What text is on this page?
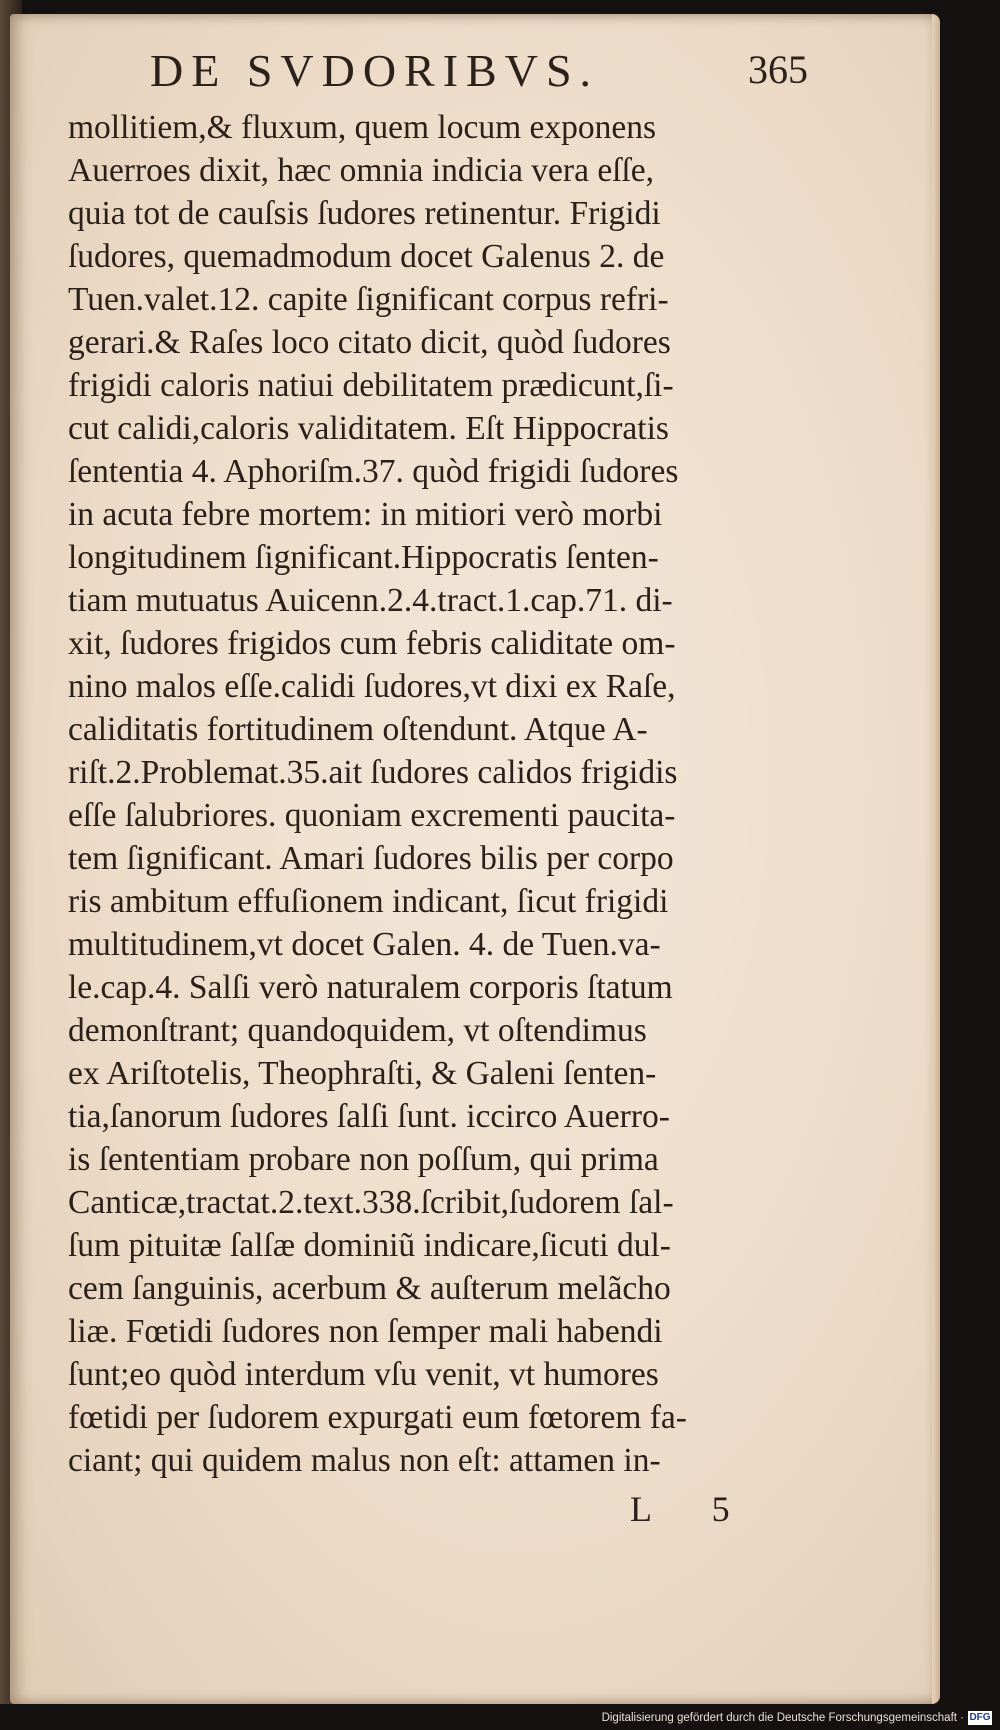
DE SVDORIBVS.	365
mollitiem,& fluxum, quem locum exponens
Auerroes dixit, hæc omnia indicia vera eſſe,
quia tot de cauſsis ſudores retinentur. Frigidi
ſudores, quemadmodum docet Galenus 2. de
Tuen.valet.12. capite ſignificant corpus refri-
gerari.& Raſes loco citato dicit, quòd ſudores
frigidi caloris natiui debilitatem prædicunt,ſi-
cut calidi,caloris validitatem. Eſt Hippocratis
ſententia 4. Aphoriſm.37. quòd frigidi ſudores
in acuta febre mortem: in mitiori verò morbi
longitudinem ſignificant.Hippocratis ſenten-
tiam mutuatus Auicenn.2.4.tract.1.cap.71. di-
xit, ſudores frigidos cum febris caliditate om-
nino malos eſſe.calidi ſudores,vt dixi ex Raſe,
caliditatis fortitudinem oſtendunt. Atque A-
riſt.2.Problemat.35.ait ſudores calidos frigidis
eſſe ſalubriores. quoniam excrementi paucita-
tem ſignificant. Amari ſudores bilis per corpo
ris ambitum effuſionem indicant, ſicut frigidi
multitudinem,vt docet Galen. 4. de Tuen.va-
le.cap.4. Salſi verò naturalem corporis ſtatum
demonſtrant; quandoquidem, vt oſtendimus
ex Ariſtotelis, Theophraſti, & Galeni ſenten-
tia,ſanorum ſudores ſalſi ſunt. iccirco Auerro-
is ſententiam probare non poſſum, qui prima
Canticæ,tractat.2.text.338.ſcribit,ſudorem ſal-
ſum pituitæ ſalſæ dominiũ indicare,ſicuti dul-
cem ſanguinis, acerbum & auſterum melãcho
liæ. Fœtidi ſudores non ſemper mali habendi
ſunt;eo quòd interdum vſu venit, vt humores
fœtidi per ſudorem expurgati eum fœtorem fa-
ciant; qui quidem malus non eſt: attamen in-
L 5
Digitalisierung gefördert durch die Deutsche Forschungsgemeinschaft · DFG
